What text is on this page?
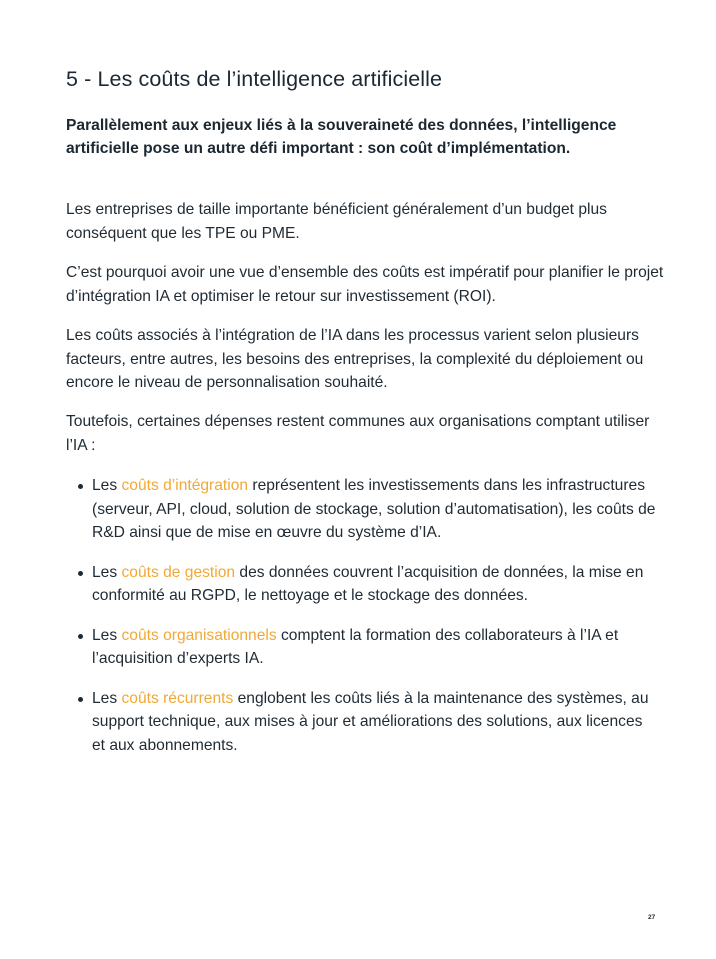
5 - Les coûts de l’intelligence artificielle

Parallèlement aux enjeux liés à la souveraineté des données, l’intelligence artificielle pose un autre défi important : son coût d’implémentation.

Les entreprises de taille importante bénéficient généralement d’un budget plus conséquent que les TPE ou PME.

C’est pourquoi avoir une vue d’ensemble des coûts est impératif pour planifier le projet d’intégration IA et optimiser le retour sur investissement (ROI).

Les coûts associés à l’intégration de l’IA dans les processus varient selon plusieurs facteurs, entre autres, les besoins des entreprises, la complexité du déploiement ou encore le niveau de personnalisation souhaité.

Toutefois, certaines dépenses restent communes aux organisations comptant utiliser l’IA :

Les coûts d’intégration représentent les investissements dans les infrastructures (serveur, API, cloud, solution de stockage, solution d’automatisation), les coûts de R&D ainsi que de mise en œuvre du système d’IA.
Les coûts de gestion des données couvrent l’acquisition de données, la mise en conformité au RGPD, le nettoyage et le stockage des données.
Les coûts organisationnels comptent la formation des collaborateurs à l’IA et l’acquisition d’experts IA.
Les coûts récurrents englobent les coûts liés à la maintenance des systèmes, au support technique, aux mises à jour et améliorations des solutions, aux licences et aux abonnements.
27
